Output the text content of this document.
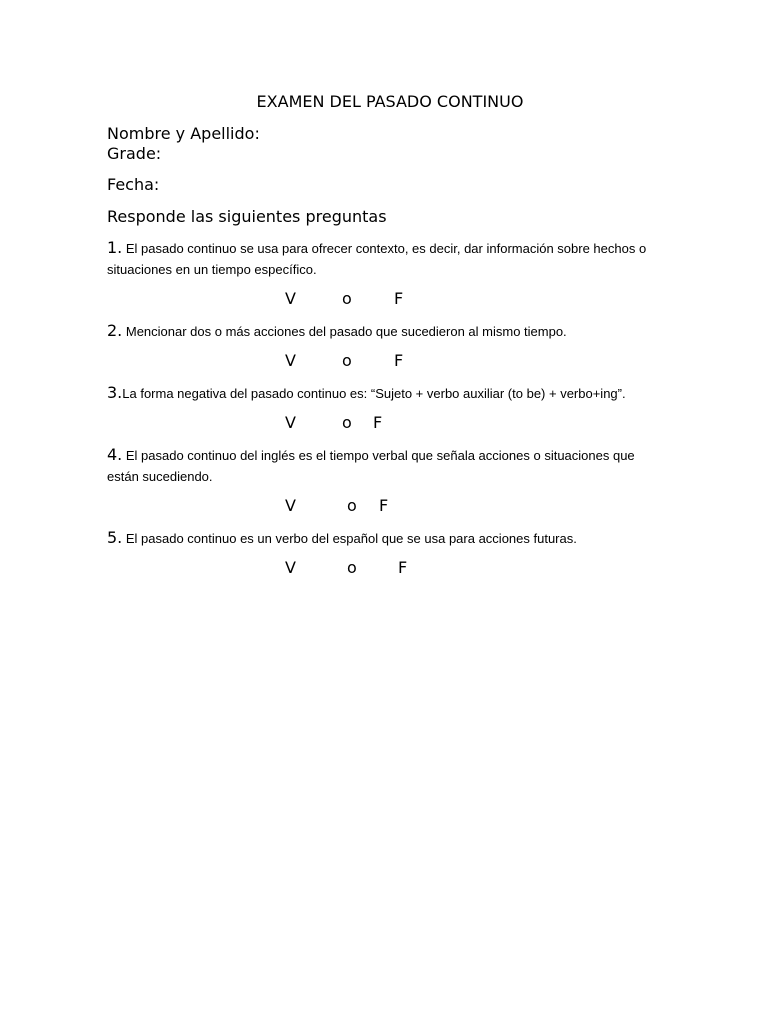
EXAMEN DEL PASADO CONTINUO
Nombre y Apellido:
Grade:
Fecha:
Responde las siguientes preguntas
1. El pasado continuo se usa para ofrecer contexto, es decir, dar información sobre hechos o situaciones en un tiempo específico.
V	o	F
2. Mencionar dos o más acciones del pasado que sucedieron al mismo tiempo.
V	o	F
3.La forma negativa del pasado continuo es: “Sujeto + verbo auxiliar (to be) + verbo+ing”.
V	o F
4. El pasado continuo del inglés es el tiempo verbal que señala acciones o situaciones que están sucediendo.
V	o F
5. El pasado continuo es un verbo del español que se usa para acciones futuras.
V	o	F
